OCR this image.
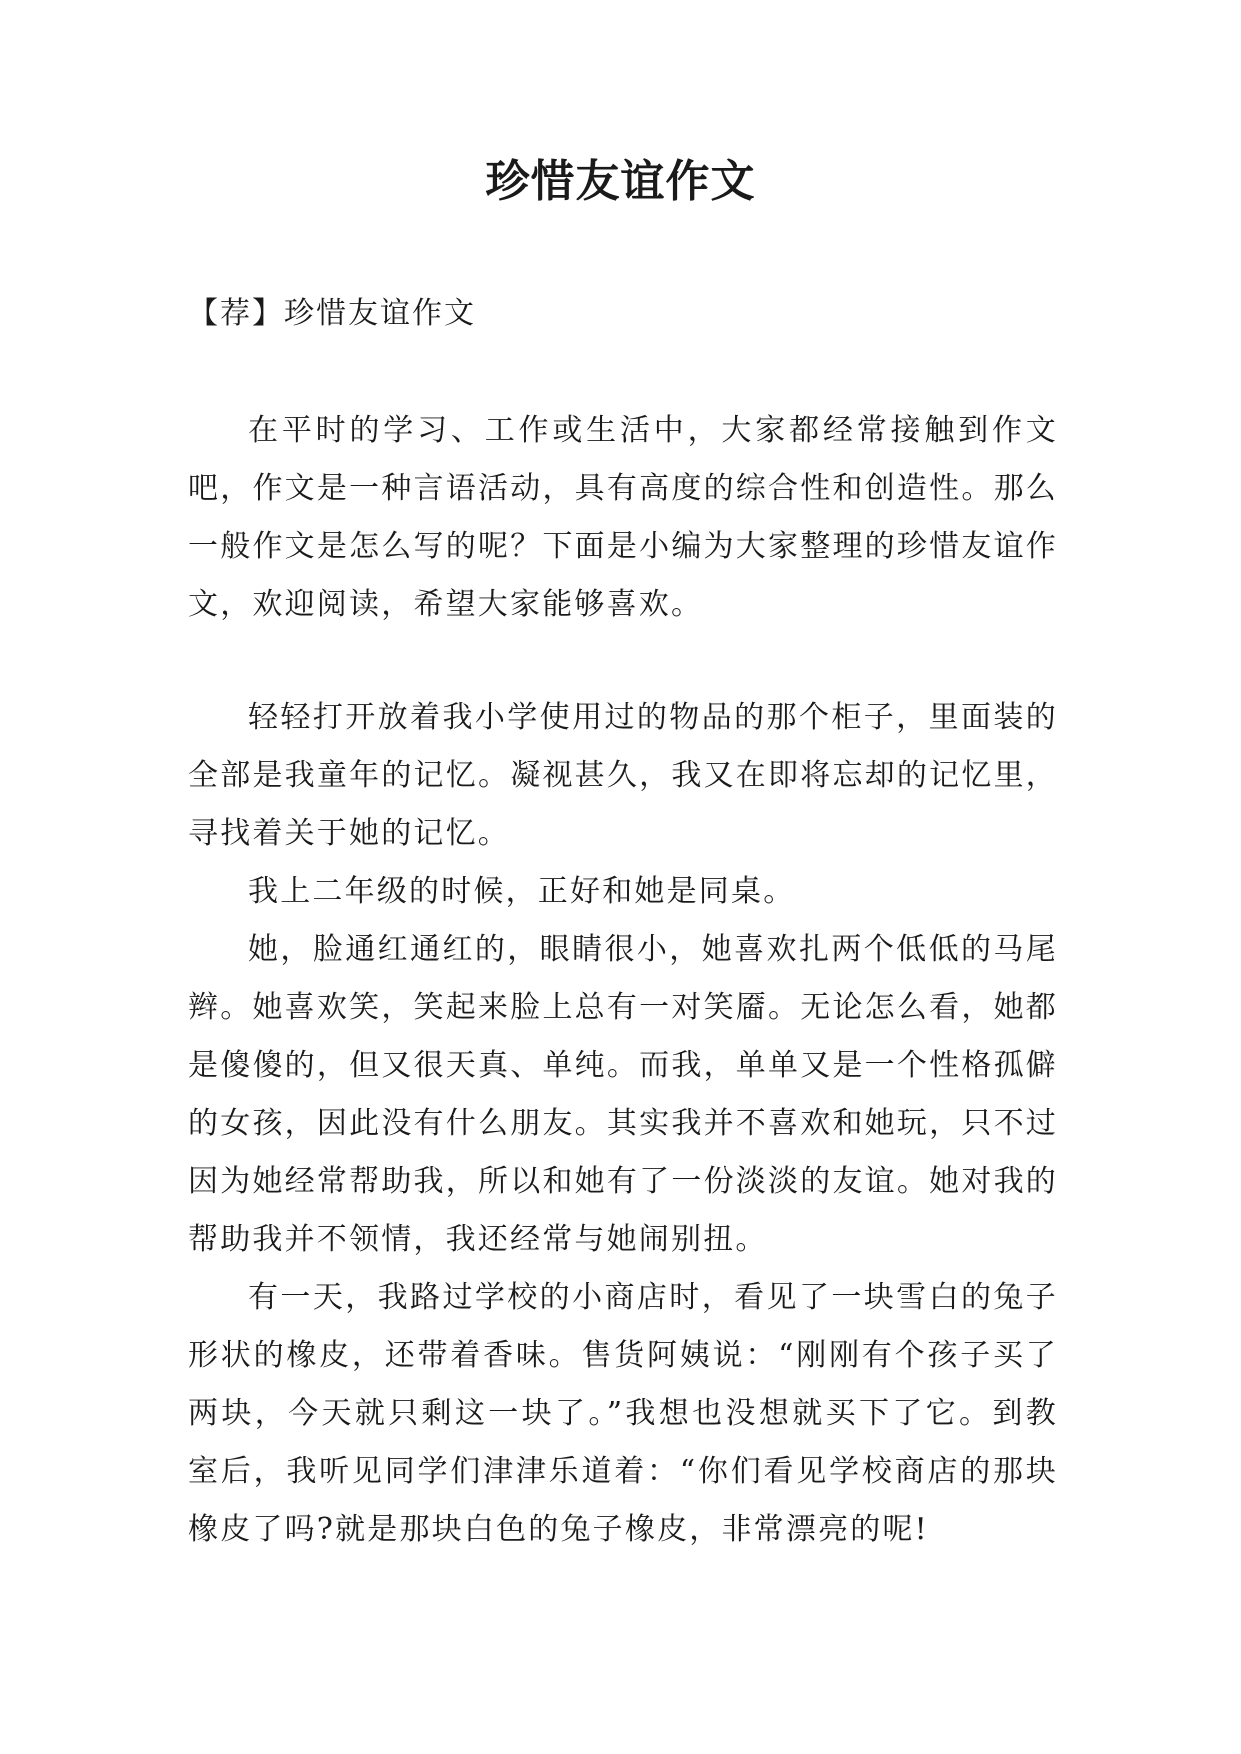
珍惜友谊作文

【荐】珍惜友谊作文

在平时的学习、工作或生活中，大家都经常接触到作文吧，作文是一种言语活动，具有高度的综合性和创造性。那么一般作文是怎么写的呢？下面是小编为大家整理的珍惜友谊作文，欢迎阅读，希望大家能够喜欢。

轻轻打开放着我小学使用过的物品的那个柜子，里面装的全部是我童年的记忆。凝视甚久，我又在即将忘却的记忆里，寻找着关于她的记忆。

我上二年级的时候，正好和她是同桌。

她，脸通红通红的，眼睛很小，她喜欢扎两个低低的马尾辫。她喜欢笑，笑起来脸上总有一对笑靥。无论怎么看，她都是傻傻的，但又很天真、单纯。而我，单单又是一个性格孤僻的女孩，因此没有什么朋友。其实我并不喜欢和她玩，只不过因为她经常帮助我，所以和她有了一份淡淡的友谊。她对我的帮助我并不领情，我还经常与她闹别扭。

有一天，我路过学校的小商店时，看见了一块雪白的兔子形状的橡皮，还带着香味。售货阿姨说：“刚刚有个孩子买了两块，今天就只剩这一块了。”我想也没想就买下了它。到教室后，我听见同学们津津乐道着：“你们看见学校商店的那块橡皮了吗?就是那块白色的兔子橡皮，非常漂亮的呢!
